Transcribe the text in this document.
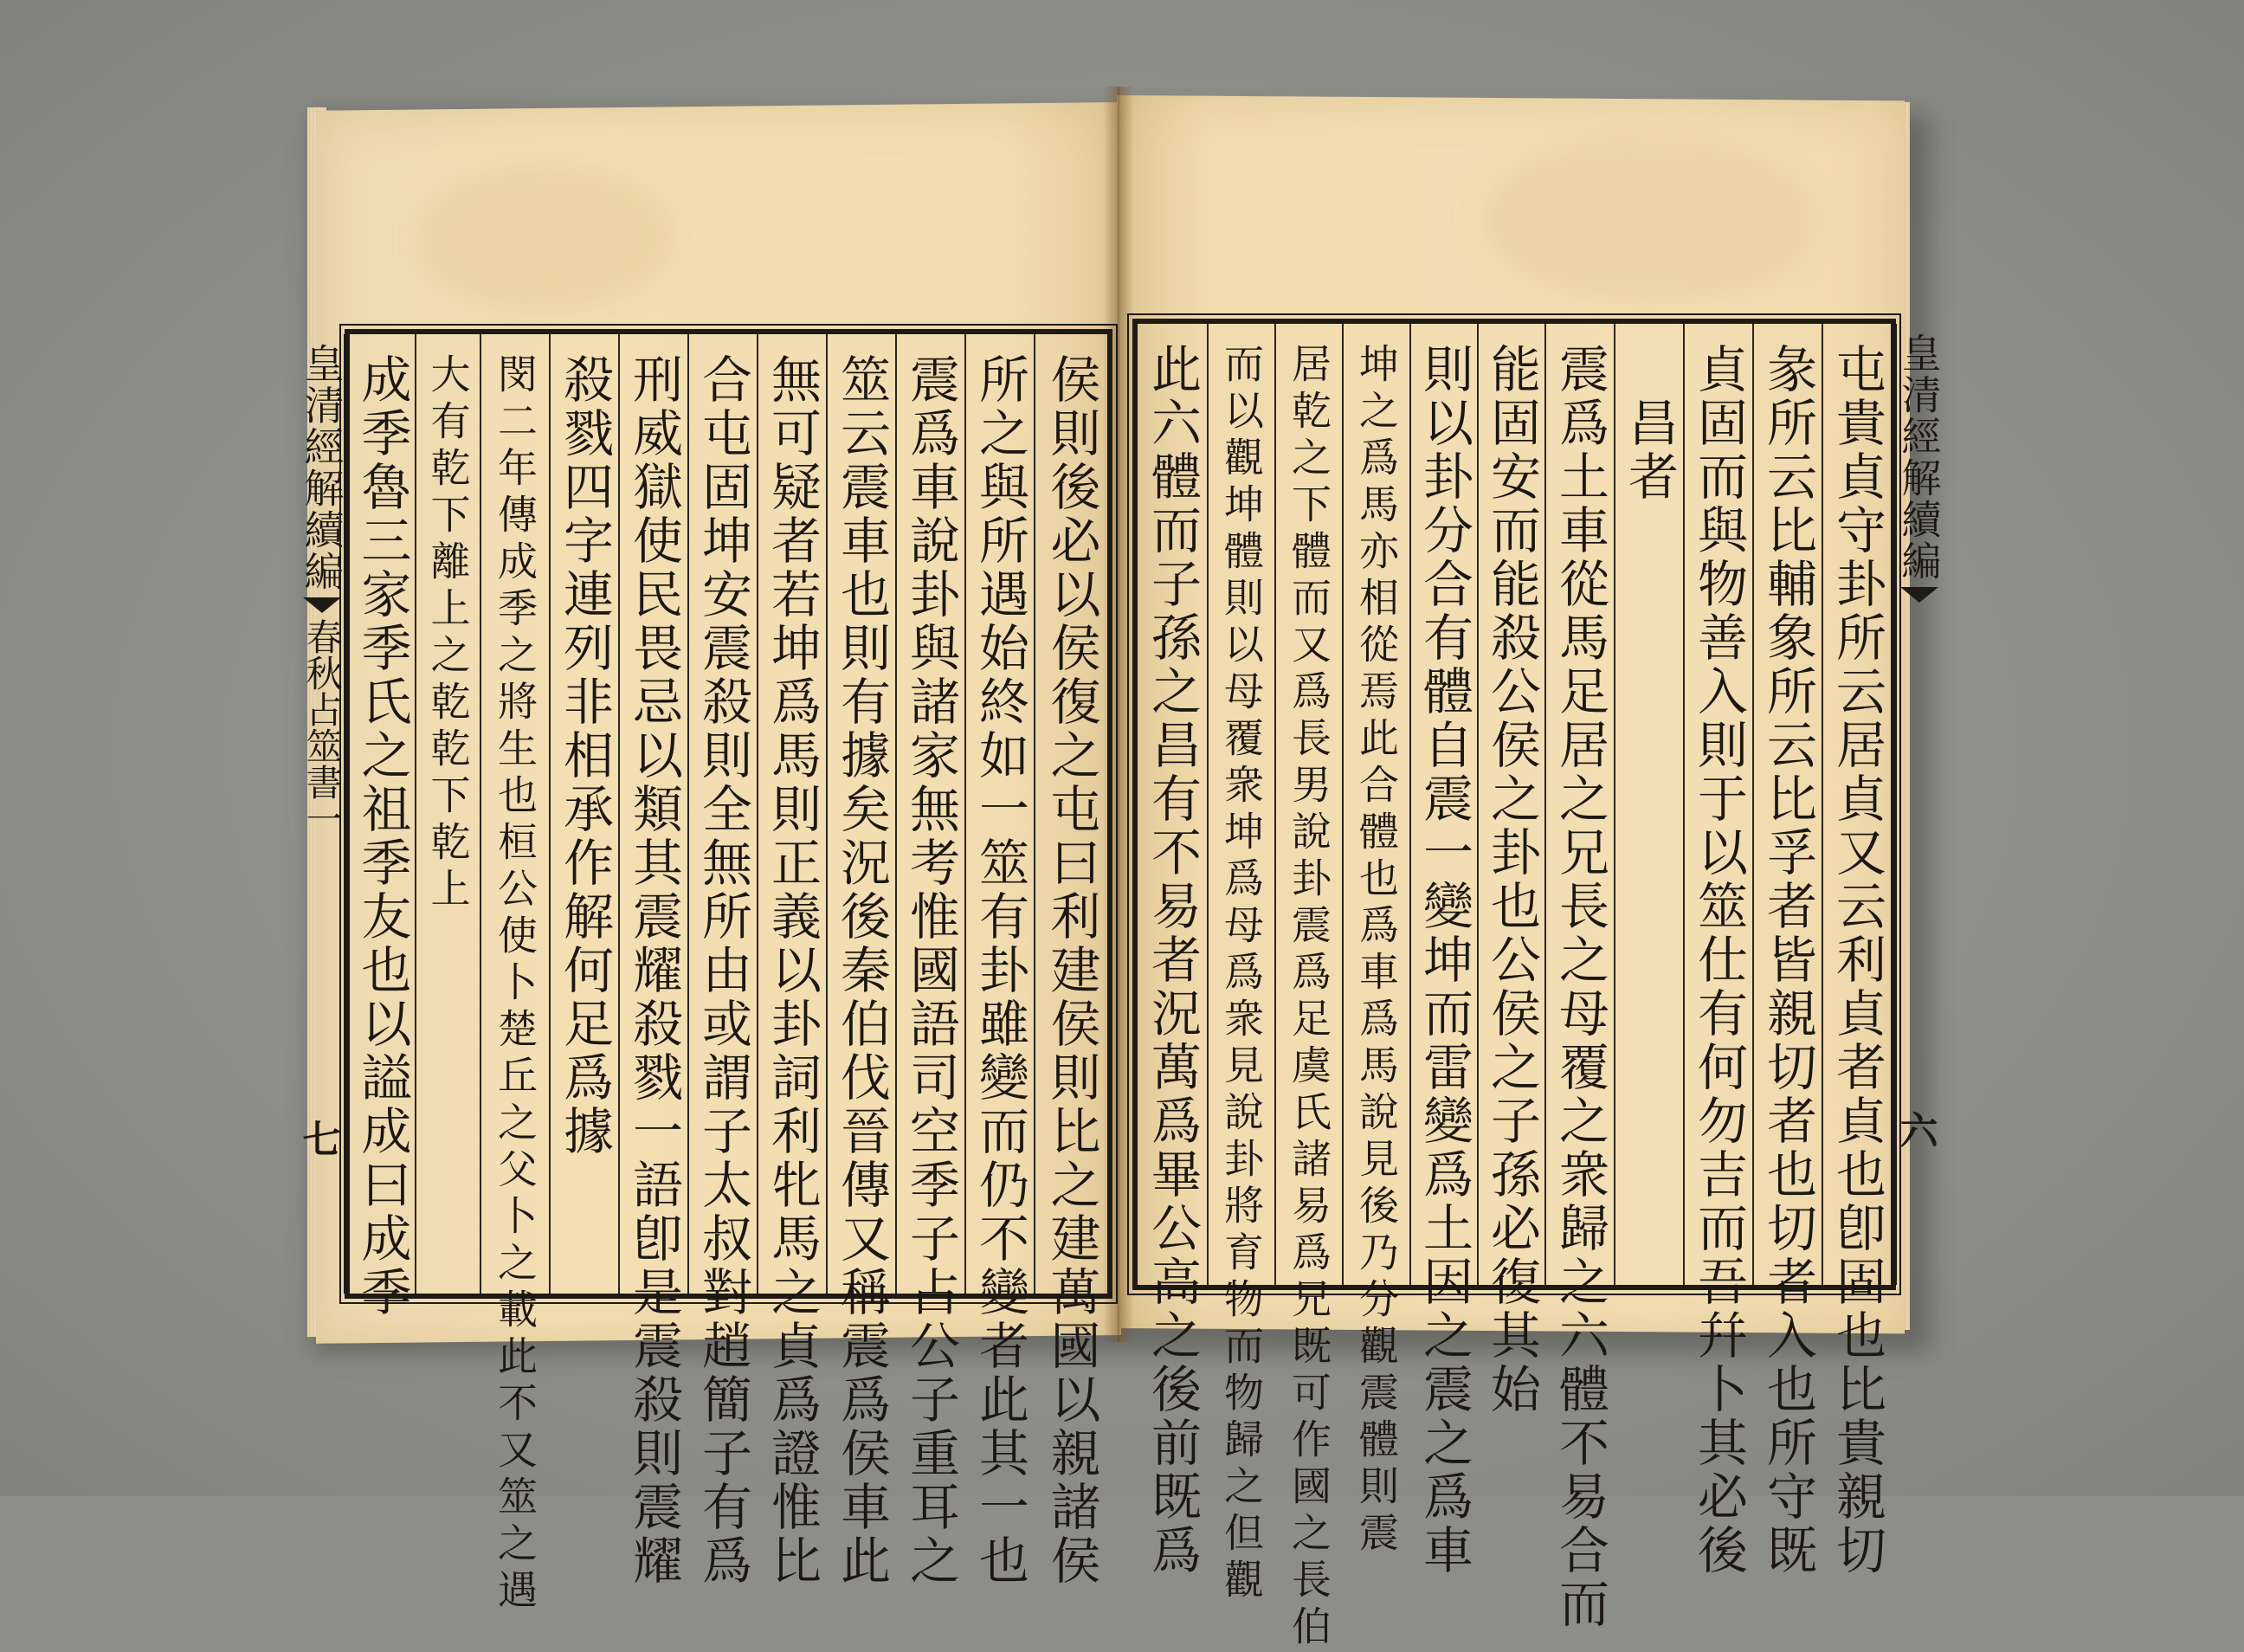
皇清經解續編
春秋占筮書一
七	侯則後必以侯復之屯曰利建侯則比之建萬國以親諸侯
所之與所遇始終如一筮有卦雖變而仍不變者此其一也
震爲車說卦與諸家無考惟國語司空季子占公子重耳之
筮云震車也則有據矣況後秦伯伐晉傳又稱震爲侯車此
無可疑者若坤爲馬則正義以卦詞利牝馬之貞爲證惟比
合屯固坤安震殺則全無所由或謂子太叔對趙簡子有爲
刑威獄使民畏忌以類其震耀殺戮一語卽是震殺則震耀
殺戮四字連列非相承作解何足爲據
閔二年傳成季之將生也桓公使卜楚丘之父卜之載此不又筮之遇
大有乾下離上之乾乾下乾上
成季魯三家季氏之祖季友也以謚成曰成季	皇清經解續編
六
屯貴貞守卦所云居貞又云利貞者貞也卽固也比貴親切
彖所云比輔象所云比孚者皆親切者也切者入也所守既
貞固而與物善入則于以筮仕有何勿吉而吾幷卜其必後
昌者
震爲土車從馬足居之兄長之母覆之衆歸之六體不易合而
能固安而能殺公侯之卦也公侯之子孫必復其始
則以卦分合有體自震一變坤而雷變爲土因之震之爲車
坤之爲馬亦相從焉此合體也爲車爲馬說見後乃分觀震體則震
居乾之下體而又爲長男說卦震爲足虞氏諸易爲兄既可作國之長伯
而以觀坤體則以母覆衆坤爲母爲衆見說卦將育物而物歸之但觀
此六體而子孫之昌有不易者況萬爲畢公高之後前既爲
